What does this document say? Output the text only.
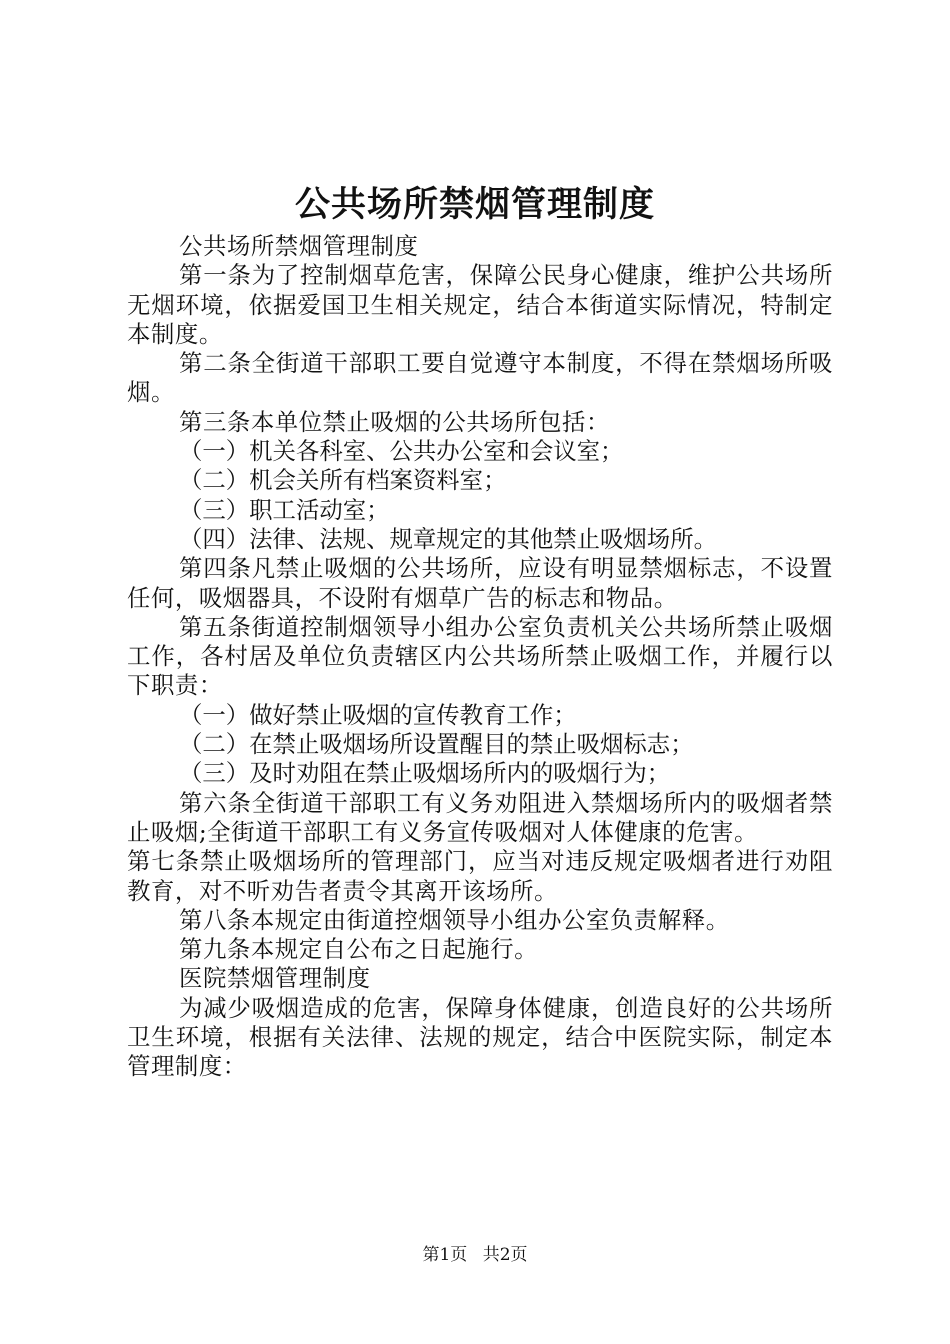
公共场所禁烟管理制度

公共场所禁烟管理制度

第一条为了控制烟草危害，保障公民身心健康，维护公共场所无烟环境，依据爱国卫生相关规定，结合本街道实际情况，特制定本制度。

第二条全街道干部职工要自觉遵守本制度，不得在禁烟场所吸烟。

第三条本单位禁止吸烟的公共场所包括：

（一）机关各科室、公共办公室和会议室；

（二）机会关所有档案资料室；

（三）职工活动室；

（四）法律、法规、规章规定的其他禁止吸烟场所。

第四条凡禁止吸烟的公共场所，应设有明显禁烟标志，不设置任何，吸烟器具，不设附有烟草广告的标志和物品。

第五条街道控制烟领导小组办公室负责机关公共场所禁止吸烟工作，各村居及单位负责辖区内公共场所禁止吸烟工作，并履行以下职责：

（一）做好禁止吸烟的宣传教育工作；

（二）在禁止吸烟场所设置醒目的禁止吸烟标志；

（三）及时劝阻在禁止吸烟场所内的吸烟行为；

第六条全街道干部职工有义务劝阻进入禁烟场所内的吸烟者禁止吸烟;全街道干部职工有义务宣传吸烟对人体健康的危害。

第七条禁止吸烟场所的管理部门，应当对违反规定吸烟者进行劝阻教育，对不听劝告者责令其离开该场所。

第八条本规定由街道控烟领导小组办公室负责解释。

第九条本规定自公布之日起施行。

医院禁烟管理制度

为减少吸烟造成的危害，保障身体健康，创造良好的公共场所卫生环境，根据有关法律、法规的规定，结合中医院实际，制定本管理制度：

第1页 共2页
